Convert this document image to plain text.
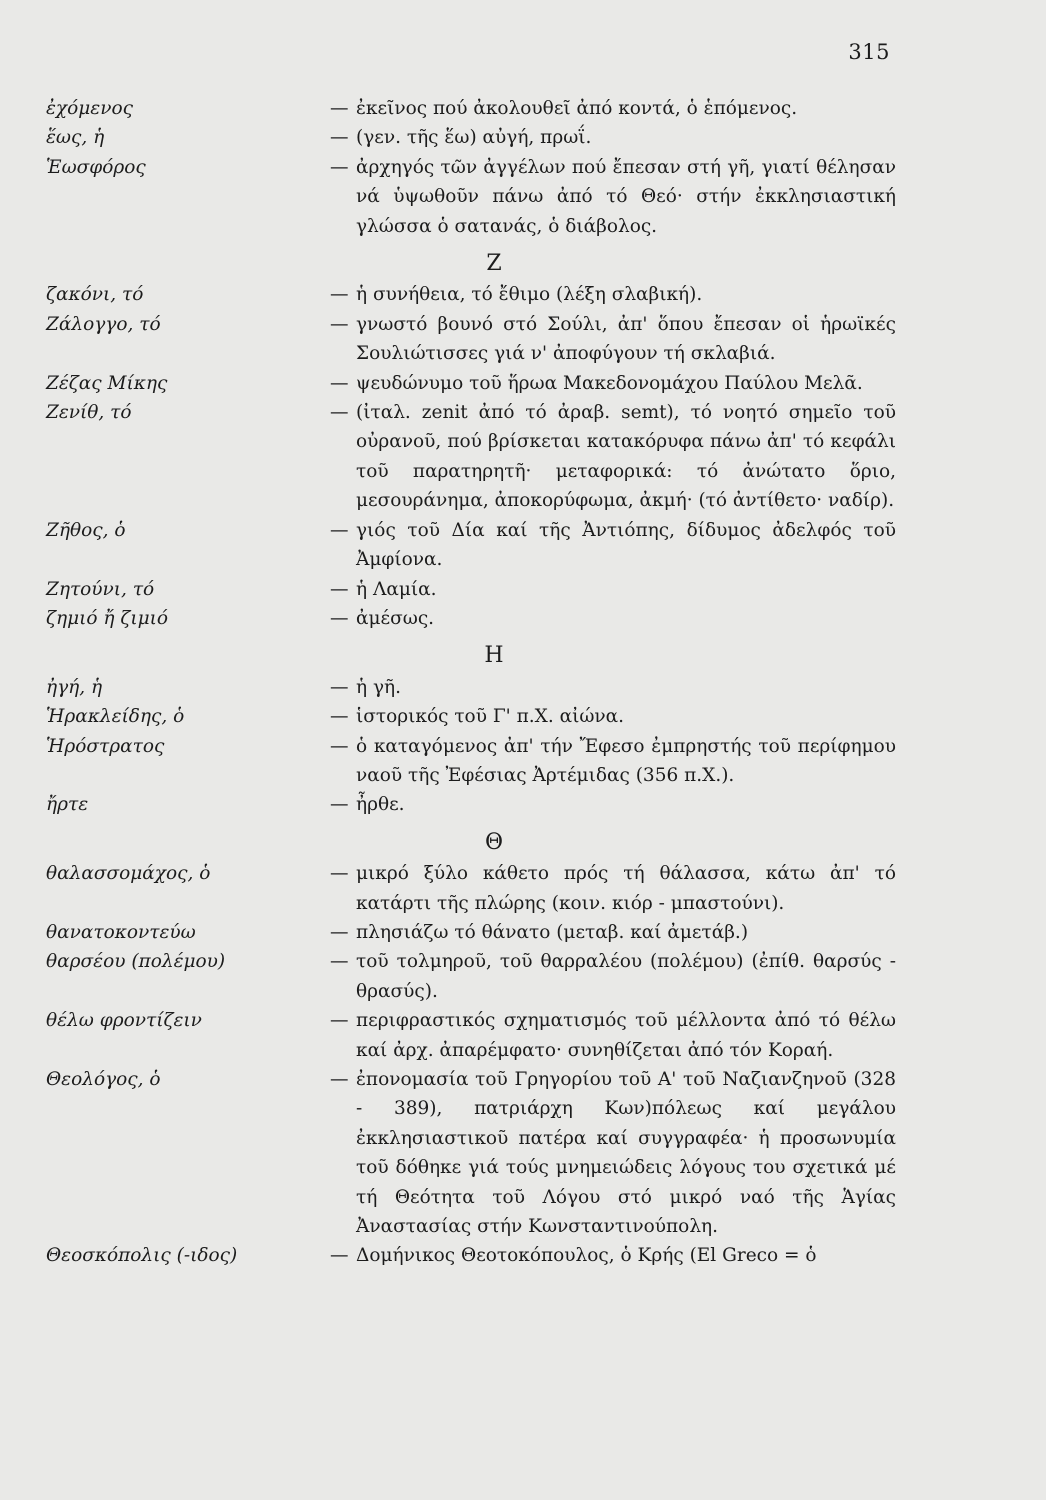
315
ἐχόμενος	— ἐκεῖνος πού ἀκολουθεῖ ἀπό κοντά, ὁ ἑπόμενος.
ἕως, ἡ	— (γεν. τῆς ἕω) αὐγή, πρωΐ.
Ἑωσφόρος	— ἀρχηγός τῶν ἀγγέλων πού ἔπεσαν στή γῆ, γιατί θέλησαν νά ὑψωθοῦν πάνω ἀπό τό Θεό· στήν ἐκκλησιαστική γλώσσα ὁ σατανάς, ὁ διάβολος.
Z
ζακόνι, τό	— ἡ συνήθεια, τό ἔθιμο (λέξη σλαβική).
Ζάλογγο, τό	— γνωστό βουνό στό Σούλι, ἀπ' ὅπου ἔπεσαν οἱ ἡρωϊκές Σουλιώτισσες γιά ν' ἀποφύγουν τή σκλαβιά.
Ζέζας Μίκης	— ψευδώνυμο τοῦ ἥρωα Μακεδονομάχου Παύλου Μελᾶ.
Ζενίθ, τό	— (ἰταλ. zenit ἀπό τό ἀραβ. semt), τό νοητό σημεῖο τοῦ οὐρανοῦ, πού βρίσκεται κατακόρυφα πάνω ἀπ' τό κεφάλι τοῦ παρατηρητῆ· μεταφορικά: τό ἀνώτατο ὅριο, μεσουράνημα, ἀποκορύφωμα, ἀκμή· (τό ἀντίθετο· ναδίρ).
Ζῆθος, ὁ	— γιός τοῦ Δία καί τῆς Ἀντιόπης, δίδυμος ἀδελφός τοῦ Ἀμφίονα.
Ζητούνι, τό	— ἡ Λαμία.
ζημιό ἤ ζιμιό	— ἀμέσως.
Η
ἠγή, ἡ	— ἡ γῆ.
Ἡρακλείδης, ὁ	— ἱστορικός τοῦ Γ' π.Χ. αἰώνα.
Ἡρόστρατος	— ὁ καταγόμενος ἀπ' τήν Ἔφεσο ἐμπρηστής τοῦ περίφημου ναοῦ τῆς Ἐφέσιας Ἀρτέμιδας (356 π.Χ.).
ἤρτε	— ἦρθε.
Θ
θαλασσομάχος, ὁ	— μικρό ξύλο κάθετο πρός τή θάλασσα, κάτω ἀπ' τό κατάρτι τῆς πλώρης (κοιν. κιόρ - μπαστούνι).
θανατοκοντεύω	— πλησιάζω τό θάνατο (μεταβ. καί ἀμετάβ.)
θαρσέου (πολέμου)	— τοῦ τολμηροῦ, τοῦ θαρραλέου (πολέμου) (ἐπίθ. θαρσύς - θρασύς).
θέλω φροντίζειν	— περιφραστικός σχηματισμός τοῦ μέλλοντα ἀπό τό θέλω καί ἀρχ. ἀπαρέμφατο· συνηθίζεται ἀπό τόν Κοραή.
Θεολόγος, ὁ	— ἐπονομασία τοῦ Γρηγορίου τοῦ Α' τοῦ Ναζιανζηνοῦ (328 - 389), πατριάρχη Κων)πόλεως καί μεγάλου ἐκκλησιαστικοῦ πατέρα καί συγγραφέα· ἡ προσωνυμία τοῦ δόθηκε γιά τούς μνημειώδεις λόγους του σχετικά μέ τή Θεότητα τοῦ Λόγου στό μικρό ναό τῆς Ἁγίας Ἀναστασίας στήν Κωνσταντινούπολη.
Θεοσκόπολις (-ιδος)	— Δομήνικος Θεοτοκόπουλος, ὁ Κρής (El Greco = ὁ
